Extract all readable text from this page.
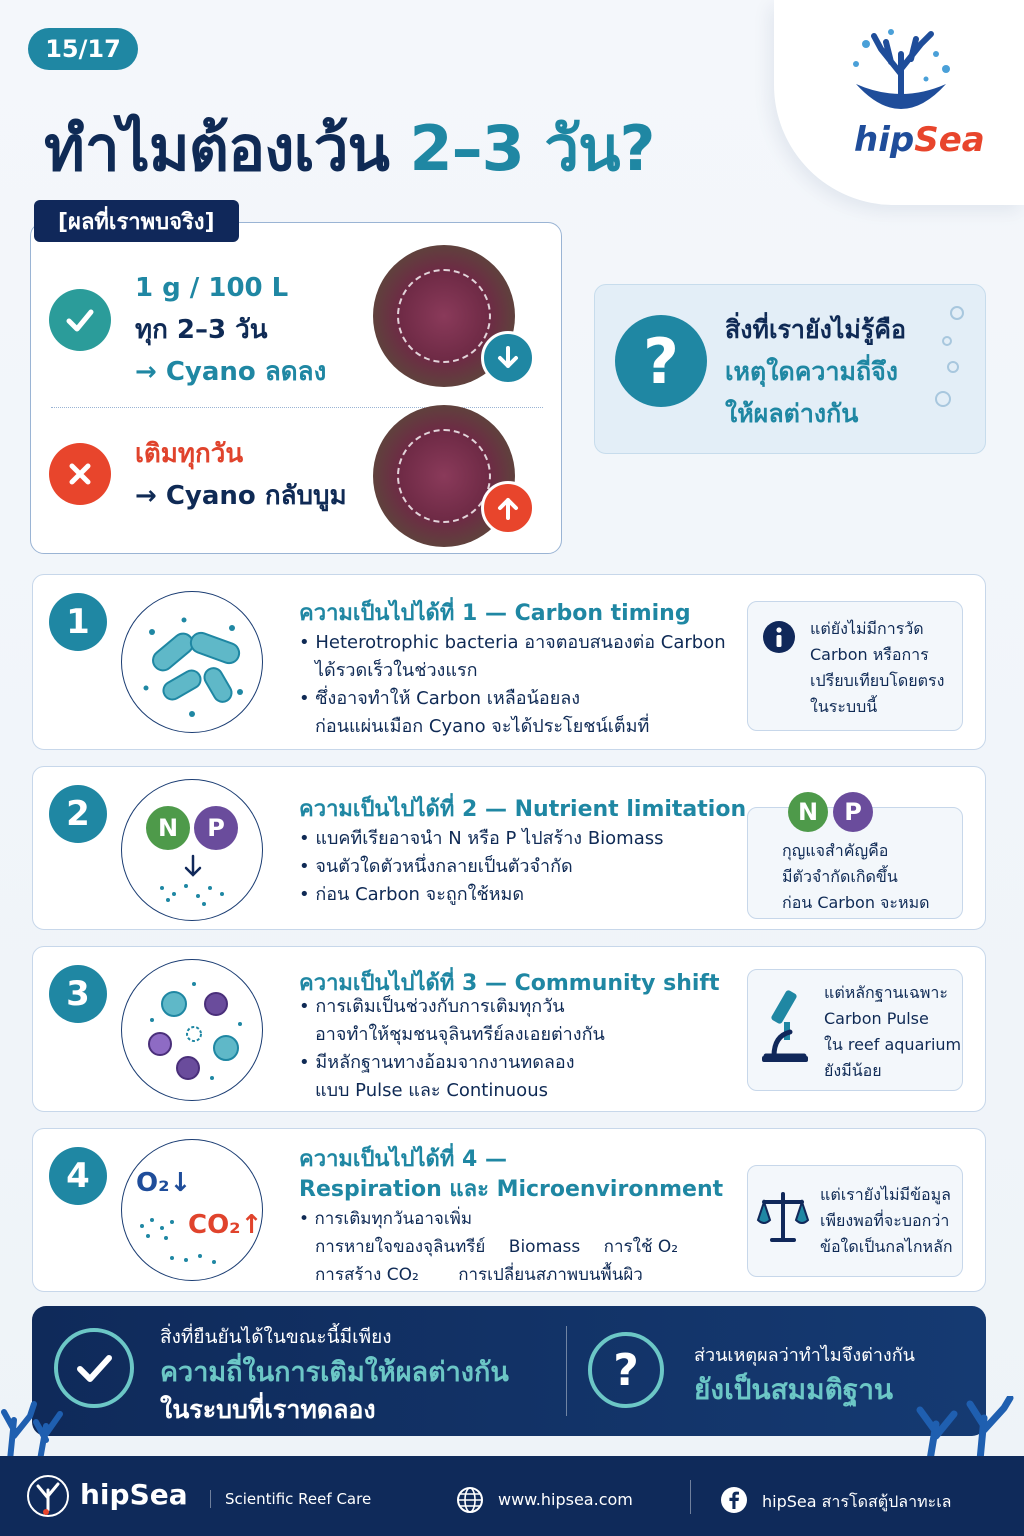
15/17
ทำไมต้องเว้น 2–3 วัน?	hipSea
1 g / 100 L
ทุก 2–3 วัน
→ Cyano ลดลง
เติมทุกวัน
→ Cyano กลับบูม
[ผลที่เราพบจริง]
?	สิ่งที่เรายังไม่รู้คือ
เหตุใดความถี่จึง
ให้ผลต่างกัน
1	ความเป็นไปได้ที่ 1 — Carbon timing
• Heterotrophic bacteria อาจตอบสนองต่อ Carbon
ได้รวดเร็วในช่วงแรก
• ซึ่งอาจทำให้ Carbon เหลือน้อยลง
ก่อนแผ่นเมือก Cyano จะได้ประโยชน์เต็มที่
แต่ยังไม่มีการวัด
Carbon หรือการ
เปรียบเทียบโดยตรง
ในระบบนี้
2	N	P
ความเป็นไปได้ที่ 2 — Nutrient limitation
• แบคทีเรียอาจนำ N หรือ P ไปสร้าง Biomass
• จนตัวใดตัวหนึ่งกลายเป็นตัวจำกัด
• ก่อน Carbon จะถูกใช้หมด
N P
กุญแจสำคัญคือ
มีตัวจำกัดเกิดขึ้น
ก่อน Carbon จะหมด
3	ความเป็นไปได้ที่ 3 — Community shift
• การเติมเป็นช่วงกับการเติมทุกวัน
อาจทำให้ชุมชนจุลินทรีย์ลงเอยต่างกัน
• มีหลักฐานทางอ้อมจากงานทดลอง
แบบ Pulse และ Continuous
แต่หลักฐานเฉพาะ
Carbon Pulse
ใน reef aquarium
ยังมีน้อย
4	O₂↓
CO₂↑
ความเป็นไปได้ที่ 4 —
Respiration และ Microenvironment
• การเติมทุกวันอาจเพิ่ม
การหายใจของจุลินทรีย์ Biomass การใช้ O₂
การสร้าง CO₂ การเปลี่ยนสภาพบนพื้นผิว
แต่เรายังไม่มีข้อมูล
เพียงพอที่จะบอกว่า
ข้อใดเป็นกลไกหลัก
สิ่งที่ยืนยันได้ในขณะนี้มีเพียง
ความถี่ในการเติมให้ผลต่างกัน
ในระบบที่เราทดลอง
?	ส่วนเหตุผลว่าทำไมจึงต่างกัน
ยังเป็นสมมติฐาน
hipSea	Scientific Reef Care	www.hipsea.com	hipSea สารโดสตู้ปลาทะเล
